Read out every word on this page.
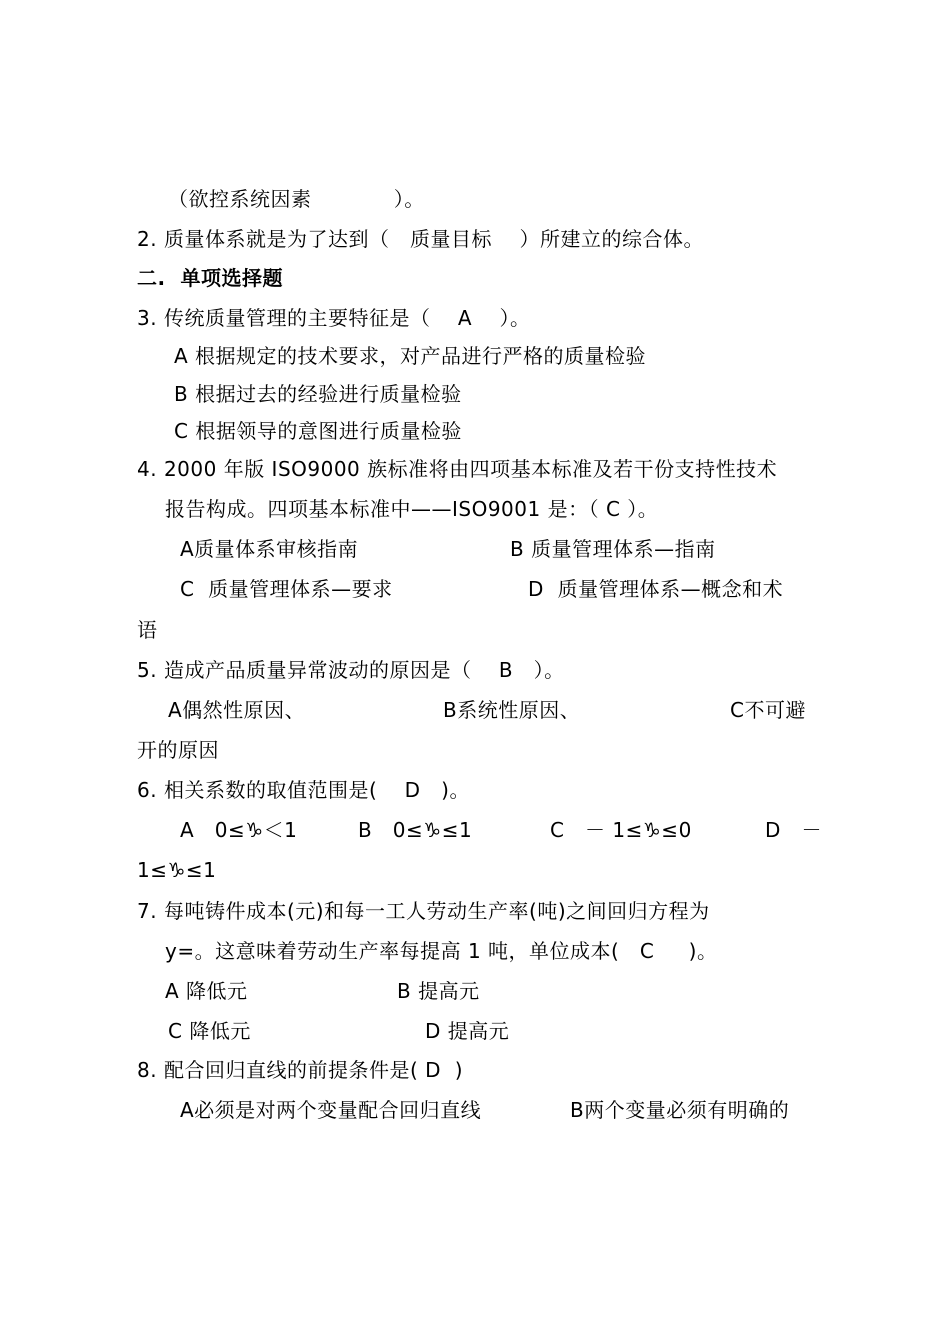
（欲控系统因素            ）。
2. 质量体系就是为了达到（   质量目标    ）所建立的综合体。
二.  单项选择题
3. 传统质量管理的主要特征是（    A    ）。
A 根据规定的技术要求，对产品进行严格的质量检验
B 根据过去的经验进行质量检验
C 根据领导的意图进行质量检验
4. 2000 年版 ISO9000 族标准将由四项基本标准及若干份支持性技术
报告构成。四项基本标准中——ISO9001 是：（ C ）。
A质量体系审核指南	B 质量管理体系—指南
C  质量管理体系—要求	D  质量管理体系—概念和术
语
5. 造成产品质量异常波动的原因是（    B   ）。
A偶然性原因、	B系统性原因、	C不可避
开的原因
6. 相关系数的取值范围是(    D   )。
A   0≤♑＜1	B   0≤♑≤1	C   － 1≤♑≤0	D   －
1≤♑≤1
7. 每吨铸件成本(元)和每一工人劳动生产率(吨)之间回归方程为
y=。这意味着劳动生产率每提高 1 吨，单位成本(   C     )。
A 降低元	B 提高元
C 降低元	D 提高元
8. 配合回归直线的前提条件是( D  )
A必须是对两个变量配合回归直线	B两个变量必须有明确的
